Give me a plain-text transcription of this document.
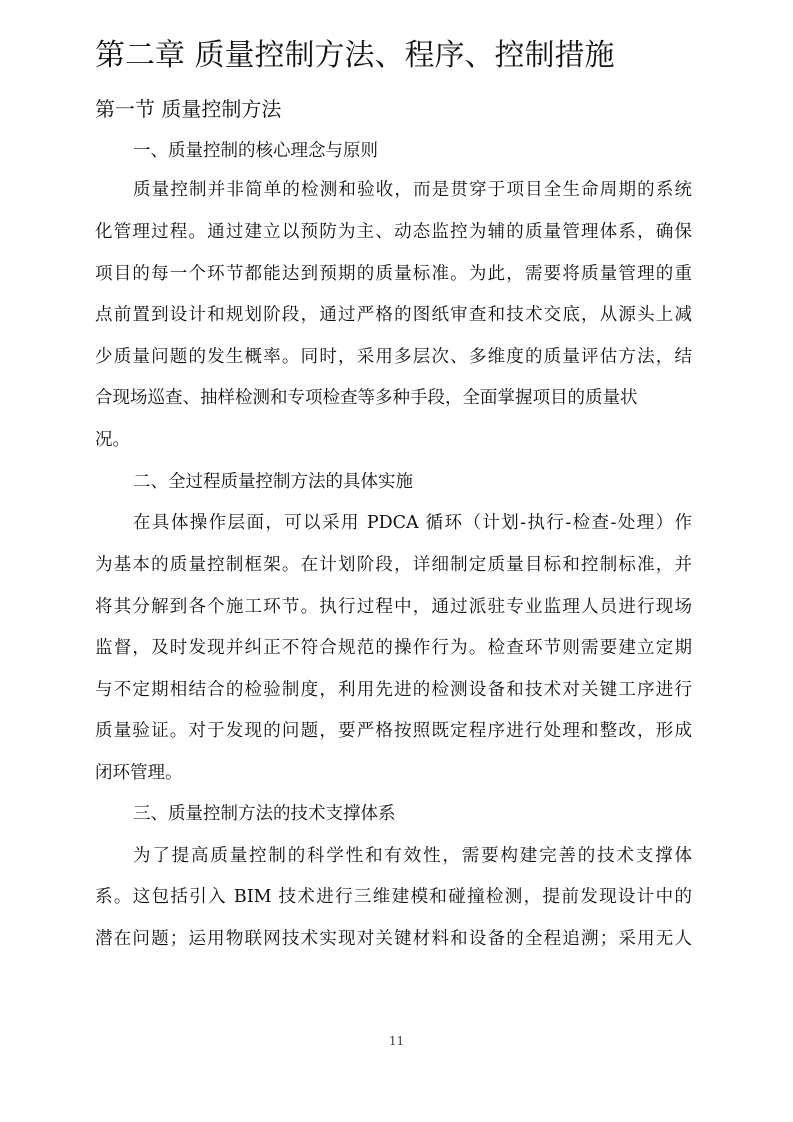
第二章 质量控制方法、程序、控制措施
第一节 质量控制方法
一、质量控制的核心理念与原则
质量控制并非简单的检测和验收，而是贯穿于项目全生命周期的系统
化管理过程。通过建立以预防为主、动态监控为辅的质量管理体系，确保
项目的每一个环节都能达到预期的质量标准。为此，需要将质量管理的重
点前置到设计和规划阶段，通过严格的图纸审查和技术交底，从源头上减
少质量问题的发生概率。同时，采用多层次、多维度的质量评估方法，结
合现场巡查、抽样检测和专项检查等多种手段，全面掌握项目的质量状
况。
二、全过程质量控制方法的具体实施
在具体操作层面，可以采用 PDCA 循环（计划-执行-检查-处理）作
为基本的质量控制框架。在计划阶段，详细制定质量目标和控制标准，并
将其分解到各个施工环节。执行过程中，通过派驻专业监理人员进行现场
监督，及时发现并纠正不符合规范的操作行为。检查环节则需要建立定期
与不定期相结合的检验制度，利用先进的检测设备和技术对关键工序进行
质量验证。对于发现的问题，要严格按照既定程序进行处理和整改，形成
闭环管理。
三、质量控制方法的技术支撑体系
为了提高质量控制的科学性和有效性，需要构建完善的技术支撑体
系。这包括引入 BIM 技术进行三维建模和碰撞检测，提前发现设计中的
潜在问题；运用物联网技术实现对关键材料和设备的全程追溯；采用无人
11
